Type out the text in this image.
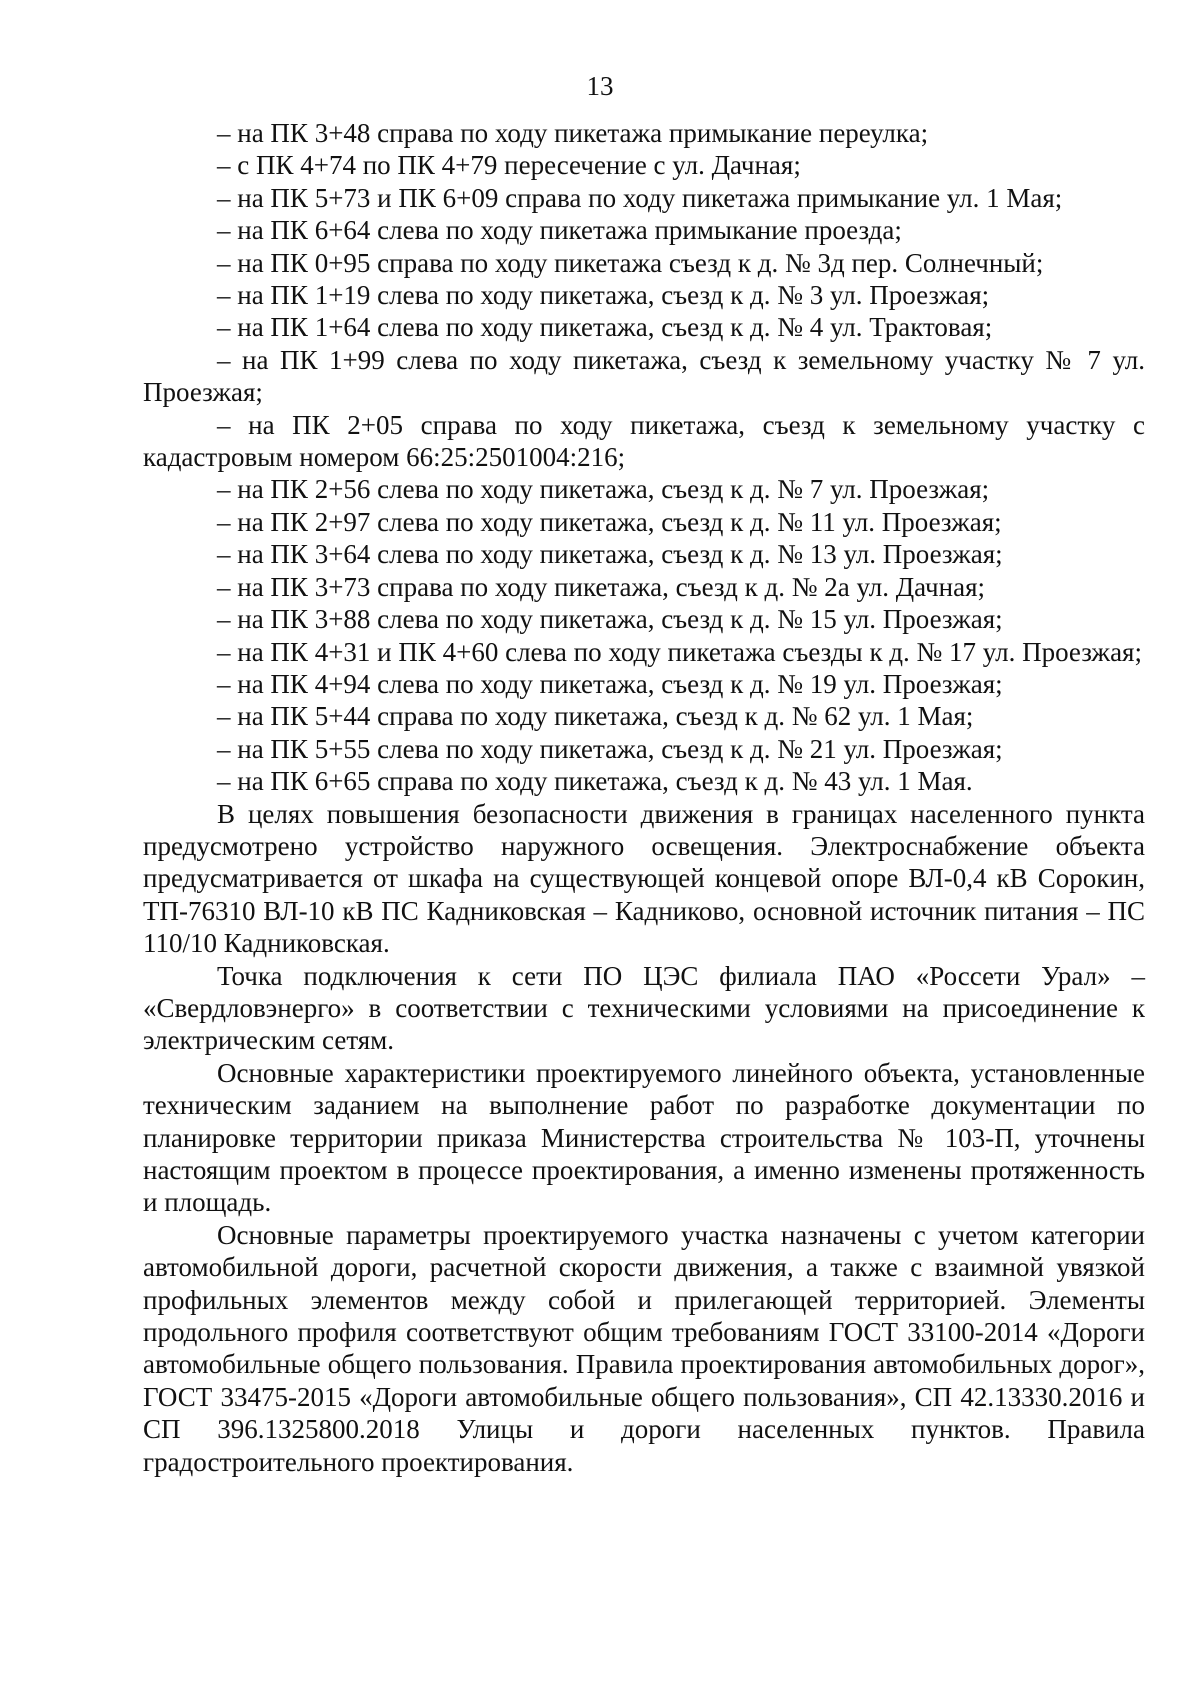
13

– на ПК 3+48 справа по ходу пикетажа примыкание переулка;

– с ПК 4+74 по ПК 4+79 пересечение с ул. Дачная;

– на ПК 5+73 и ПК 6+09 справа по ходу пикетажа примыкание ул. 1 Мая;

– на ПК 6+64 слева по ходу пикетажа примыкание проезда;

– на ПК 0+95 справа по ходу пикетажа съезд к д. № 3д пер. Солнечный;

– на ПК 1+19 слева по ходу пикетажа, съезд к д. № 3 ул. Проезжая;

– на ПК 1+64 слева по ходу пикетажа, съезд к д. № 4 ул. Трактовая;

– на ПК 1+99 слева по ходу пикетажа, съезд к земельному участку № 7 ул. Проезжая;

– на ПК 2+05 справа по ходу пикетажа, съезд к земельному участку с кадастровым номером 66:25:2501004:216;

– на ПК 2+56 слева по ходу пикетажа, съезд к д. № 7 ул. Проезжая;

– на ПК 2+97 слева по ходу пикетажа, съезд к д. № 11 ул. Проезжая;

– на ПК 3+64 слева по ходу пикетажа, съезд к д. № 13 ул. Проезжая;

– на ПК 3+73 справа по ходу пикетажа, съезд к д. № 2а ул. Дачная;

– на ПК 3+88 слева по ходу пикетажа, съезд к д. № 15 ул. Проезжая;

– на ПК 4+31 и ПК 4+60 слева по ходу пикетажа съезды к д. № 17 ул. Проезжая;

– на ПК 4+94 слева по ходу пикетажа, съезд к д. № 19 ул. Проезжая;

– на ПК 5+44 справа по ходу пикетажа, съезд к д. № 62 ул. 1 Мая;

– на ПК 5+55 слева по ходу пикетажа, съезд к д. № 21 ул. Проезжая;

– на ПК 6+65 справа по ходу пикетажа, съезд к д. № 43 ул. 1 Мая.

В целях повышения безопасности движения в границах населенного пункта предусмотрено устройство наружного освещения. Электроснабжение объекта предусматривается от шкафа на существующей концевой опоре ВЛ-0,4 кВ Сорокин, ТП-76310 ВЛ-10 кВ ПС Кадниковская – Кадниково, основной источник питания – ПС 110/10 Кадниковская.

Точка подключения к сети ПО ЦЭС филиала ПАО «Россети Урал» – «Свердловэнерго» в соответствии с техническими условиями на присоединение к электрическим сетям.

Основные характеристики проектируемого линейного объекта, установленные техническим заданием на выполнение работ по разработке документации по планировке территории приказа Министерства строительства № 103-П, уточнены настоящим проектом в процессе проектирования, а именно изменены протяженность и площадь.

Основные параметры проектируемого участка назначены с учетом категории автомобильной дороги, расчетной скорости движения, а также с взаимной увязкой профильных элементов между собой и прилегающей территорией. Элементы продольного профиля соответствуют общим требованиям ГОСТ 33100-2014 «Дороги автомобильные общего пользования. Правила проектирования автомобильных дорог», ГОСТ 33475-2015 «Дороги автомобильные общего пользования», СП 42.13330.2016 и СП 396.1325800.2018 Улицы и дороги населенных пунктов. Правила градостроительного проектирования.
